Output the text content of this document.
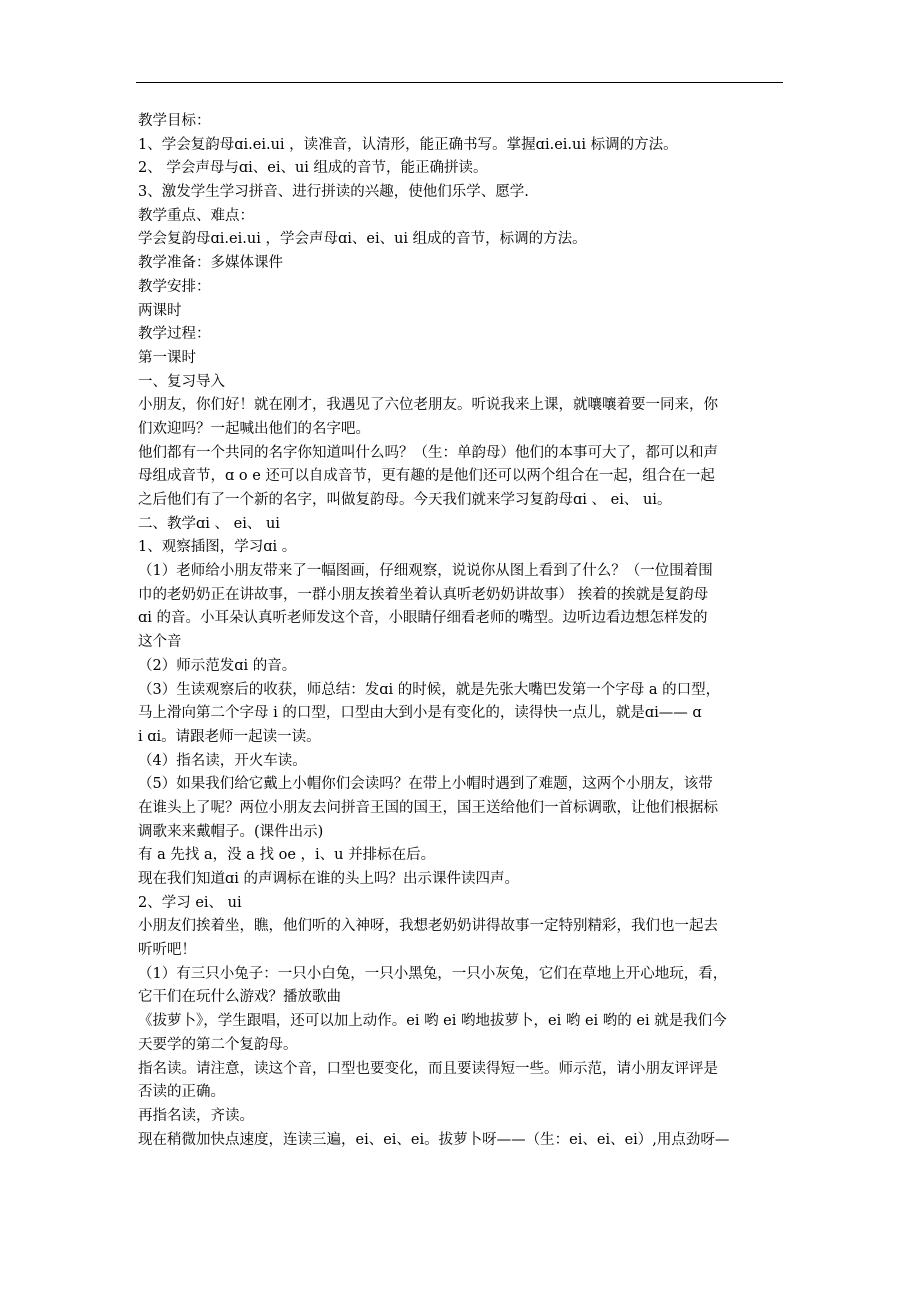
教学目标：
1、学会复韵母ɑi.ei.ui ，读准音，认清形，能正确书写。掌握ɑi.ei.ui 标调的方法。
2、 学会声母与ɑi、ei、ui 组成的音节，能正确拼读。
3、激发学生学习拼音、进行拼读的兴趣，使他们乐学、愿学.
教学重点、难点：
学会复韵母ɑi.ei.ui ，学会声母ɑi、ei、ui 组成的音节，标调的方法。
教学准备：多媒体课件
教学安排：
两课时
教学过程：
第一课时
一、复习导入
小朋友，你们好！就在刚才，我遇见了六位老朋友。听说我来上课，就嚷嚷着要一同来，你
们欢迎吗？一起喊出他们的名字吧。
他们都有一个共同的名字你知道叫什么吗？（生：单韵母）他们的本事可大了，都可以和声
母组成音节，ɑ o e 还可以自成音节，更有趣的是他们还可以两个组合在一起，组合在一起
之后他们有了一个新的名字，叫做复韵母。今天我们就来学习复韵母ɑi 、 ei、 ui。
二、教学ɑi 、 ei、 ui
1、观察插图，学习ɑi 。
（1）老师给小朋友带来了一幅图画，仔细观察，说说你从图上看到了什么？（一位围着围
巾的老奶奶正在讲故事，一群小朋友挨着坐着认真听老奶奶讲故事） 挨着的挨就是复韵母
ɑi 的音。小耳朵认真听老师发这个音，小眼睛仔细看老师的嘴型。边听边看边想怎样发的
这个音
（2）师示范发ɑi 的音。
（3）生读观察后的收获，师总结：发ɑi 的时候，就是先张大嘴巴发第一个字母 a 的口型，
马上滑向第二个字母 i 的口型，口型由大到小是有变化的，读得快一点儿，就是ɑi—— ɑ
i ɑi。请跟老师一起读一读。
（4）指名读，开火车读。
（5）如果我们给它戴上小帽你们会读吗？在带上小帽时遇到了难题，这两个小朋友，该带
在谁头上了呢？两位小朋友去问拼音王国的国王，国王送给他们一首标调歌，让他们根据标
调歌来来戴帽子。(课件出示)
有 a 先找 a，没 a 找 oe ，i、u 并排标在后。
现在我们知道ɑi 的声调标在谁的头上吗？出示课件读四声。
2、学习 ei、 ui
小朋友们挨着坐，瞧，他们听的入神呀，我想老奶奶讲得故事一定特别精彩，我们也一起去
听听吧！
（1）有三只小兔子：一只小白兔，一只小黑兔，一只小灰兔，它们在草地上开心地玩，看，
它干们在玩什么游戏？播放歌曲
《拔萝卜》，学生跟唱，还可以加上动作。ei 哟 ei 哟地拔萝卜，ei 哟 ei 哟的 ei 就是我们今
天要学的第二个复韵母。
指名读。请注意，读这个音，口型也要变化，而且要读得短一些。师示范，请小朋友评评是
否读的正确。
再指名读，齐读。
现在稍微加快点速度，连读三遍，ei、ei、ei。拔萝卜呀——（生：ei、ei、ei）,用点劲呀—
